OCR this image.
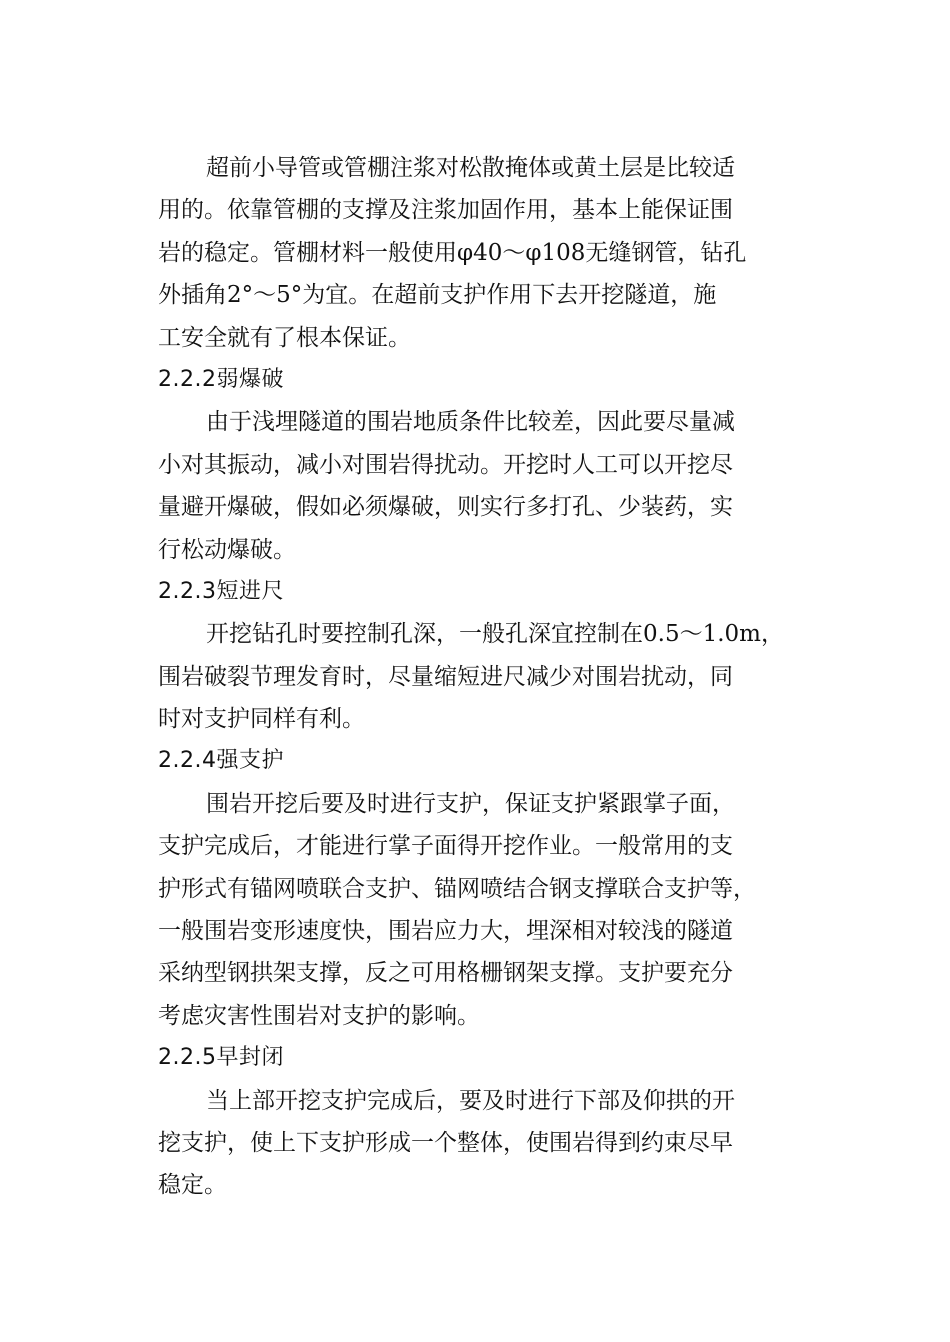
超前小导管或管棚注浆对松散掩体或黄土层是比较适

用的。依靠管棚的支撑及注浆加固作用，基本上能保证围

岩的稳定。管棚材料一般使用φ40～φ108无缝钢管，钻孔

外插角2°～5°为宜。在超前支护作用下去开挖隧道，施

工安全就有了根本保证。

2.2.2弱爆破

由于浅埋隧道的围岩地质条件比较差，因此要尽量减

小对其振动，减小对围岩得扰动。开挖时人工可以开挖尽

量避开爆破，假如必须爆破，则实行多打孔、少装药，实

行松动爆破。

2.2.3短进尺

开挖钻孔时要控制孔深，一般孔深宜控制在0.5～1.0m，

围岩破裂节理发育时，尽量缩短进尺减少对围岩扰动，同

时对支护同样有利。

2.2.4强支护

围岩开挖后要及时进行支护，保证支护紧跟掌子面，

支护完成后，才能进行掌子面得开挖作业。一般常用的支

护形式有锚网喷联合支护、锚网喷结合钢支撑联合支护等，

一般围岩变形速度快，围岩应力大，埋深相对较浅的隧道

采纳型钢拱架支撑，反之可用格栅钢架支撑。支护要充分

考虑灾害性围岩对支护的影响。

2.2.5早封闭

当上部开挖支护完成后，要及时进行下部及仰拱的开

挖支护，使上下支护形成一个整体，使围岩得到约束尽早

稳定。
